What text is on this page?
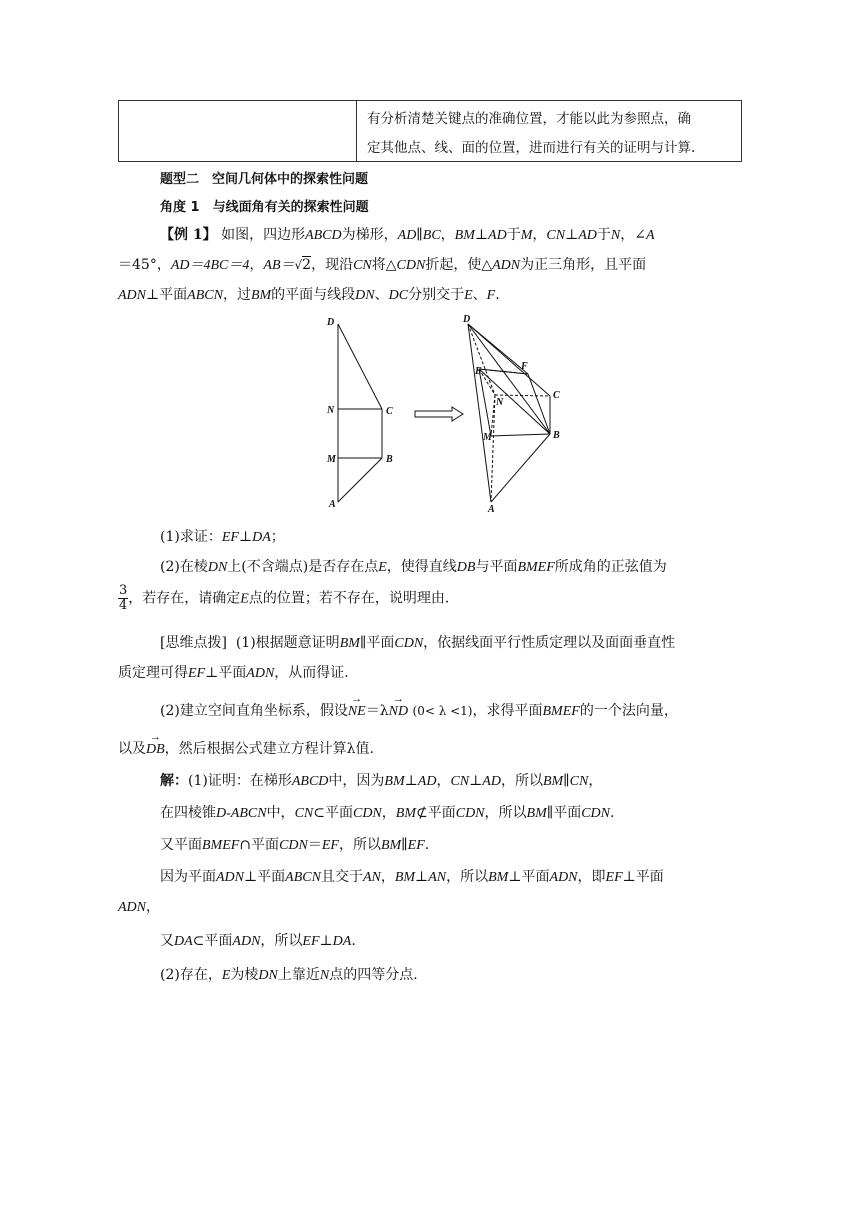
有分析清楚关键点的准确位置，才能以此为参照点，确
定其他点、线、面的位置，进而进行有关的证明与计算.
题型二　空间几何体中的探索性问题
角度 1　与线面角有关的探索性问题
【例 1】 如图，四边形ABCD为梯形，AD∥BC，BM⊥AD于M，CN⊥AD于N，∠A
＝45°，AD＝4BC＝4，AB＝√2，现沿CN将△CDN折起，使△ADN为正三角形，且平面
ADN⊥平面ABCN，过BM的平面与线段DN、DC分别交于E、F.
D
N	C
M	B
A
D
F
E
N
C
M	B
A
(1)求证：EF⊥DA；
(2)在棱DN上(不含端点)是否存在点E，使得直线DB与平面BMEF所成角的正弦值为
$\frac{3}{4}$ ，若存在，请确定E点的位置；若不存在，说明理由.
[思维点拨] (1)根据题意证明BM∥平面CDN，依据线面平行性质定理以及面面垂直性
质定理可得EF⊥平面ADN，从而得证.
(2)建立空间直角坐标系，假设→ NE＝λ→ ND (0< λ <1)，求得平面BMEF的一个法向量，
以及→ DB，然后根据公式建立方程计算λ值.
解：(1)证明：在梯形ABCD中，因为BM⊥AD，CN⊥AD，所以BM∥CN，
在四棱锥D-ABCN中，CN⊂平面CDN，BM⊄平面CDN，所以BM∥平面CDN.
又平面BMEF∩平面CDN＝EF，所以BM∥EF.
因为平面ADN⊥平面ABCN且交于AN，BM⊥AN，所以BM⊥平面ADN，即EF⊥平面
ADN，
又DA⊂平面ADN，所以EF⊥DA.
(2)存在，E为棱DN上靠近N点的四等分点.
